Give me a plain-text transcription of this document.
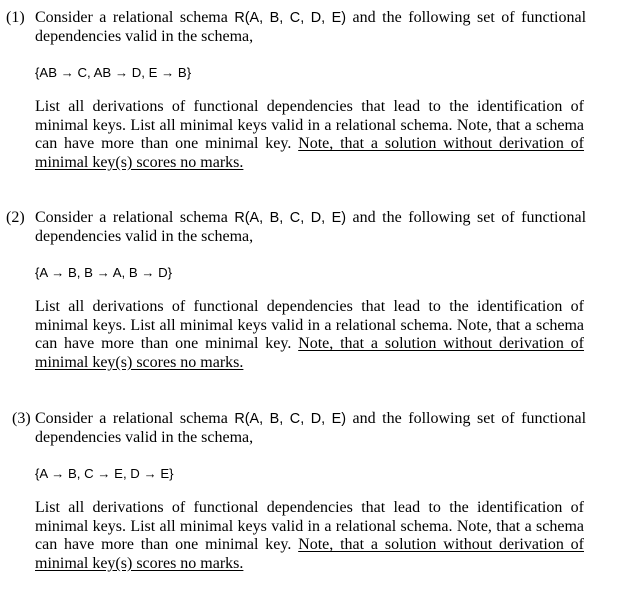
(1) Consider a relational schema R(A, B, C, D, E) and the following set of functional dependencies valid in the schema,
{AB → C, AB → D, E → B}
List all derivations of functional dependencies that lead to the identification of
minimal keys. List all minimal keys valid in a relational schema. Note, that a schema
can have more than one minimal key. Note, that a solution without derivation of
minimal key(s) scores no marks.
(2) Consider a relational schema R(A, B, C, D, E) and the following set of functional dependencies valid in the schema,
{A → B, B → A, B → D}
List all derivations of functional dependencies that lead to the identification of
minimal keys. List all minimal keys valid in a relational schema. Note, that a schema
can have more than one minimal key. Note, that a solution without derivation of
minimal key(s) scores no marks.
(3) Consider a relational schema R(A, B, C, D, E) and the following set of functional dependencies valid in the schema,
{A → B, C → E, D → E}
List all derivations of functional dependencies that lead to the identification of
minimal keys. List all minimal keys valid in a relational schema. Note, that a schema
can have more than one minimal key. Note, that a solution without derivation of
minimal key(s) scores no marks.
